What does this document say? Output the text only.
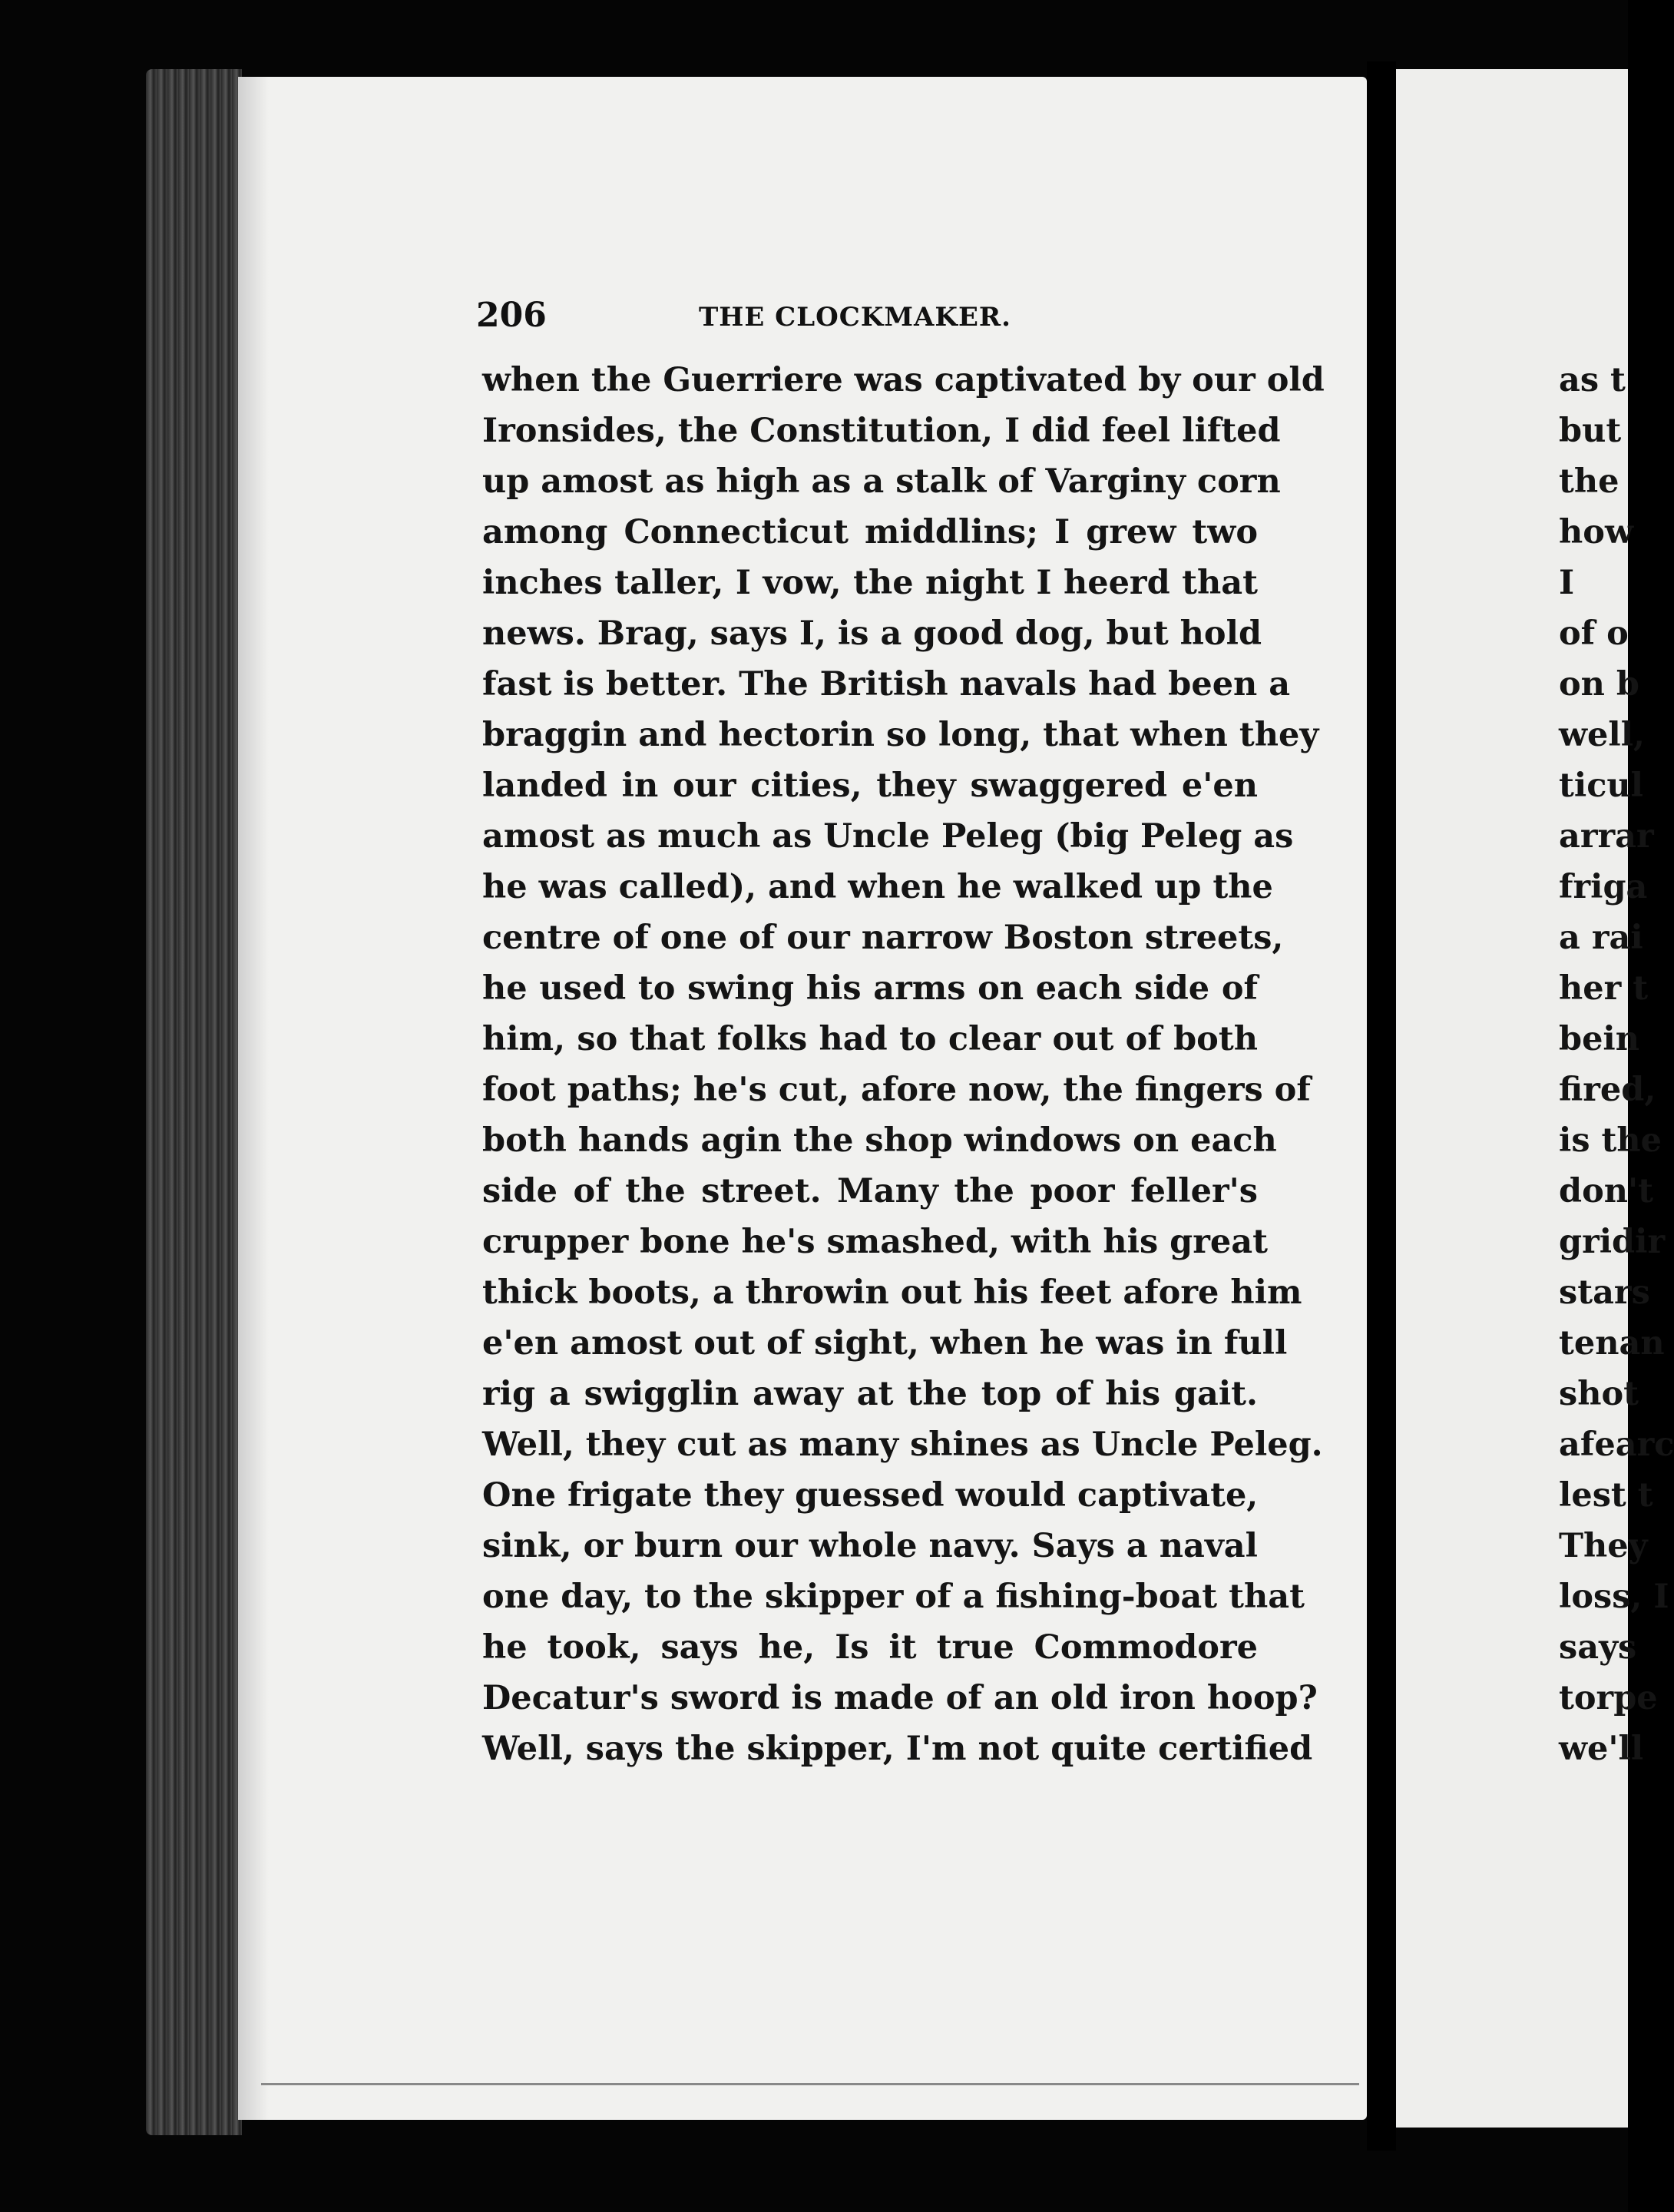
206	THE CLOCKMAKER.
when the Guerriere was captivated by our old
Ironsides, the Constitution, I did feel lifted
up amost as high as a stalk of Varginy corn
among Connecticut middlins; I grew two
inches taller, I vow, the night I heerd that
news. Brag, says I, is a good dog, but hold
fast is better. The British navals had been a
braggin and hectorin so long, that when they
landed in our cities, they swaggered e'en
amost as much as Uncle Peleg (big Peleg as
he was called), and when he walked up the
centre of one of our narrow Boston streets,
he used to swing his arms on each side of
him, so that folks had to clear out of both
foot paths; he's cut, afore now, the fingers of
both hands agin the shop windows on each
side of the street. Many the poor feller's
crupper bone he's smashed, with his great
thick boots, a throwin out his feet afore him
e'en amost out of sight, when he was in full
rig a swigglin away at the top of his gait.
Well, they cut as many shines as Uncle Peleg.
One frigate they guessed would captivate,
sink, or burn our whole navy. Says a naval
one day, to the skipper of a fishing-boat that
he took, says he, Is it true Commodore
Decatur's sword is made of an old iron hoop?
Well, says the skipper, I'm not quite certified
as t
but
the
how
I
of o
on b
well,
ticul
arrar
friga
a rai
her t
bein
fired,
is the
don't
gridir
stars
tenan
shot
afearc
lest t
They
loss, I
says
torpe
we'll
